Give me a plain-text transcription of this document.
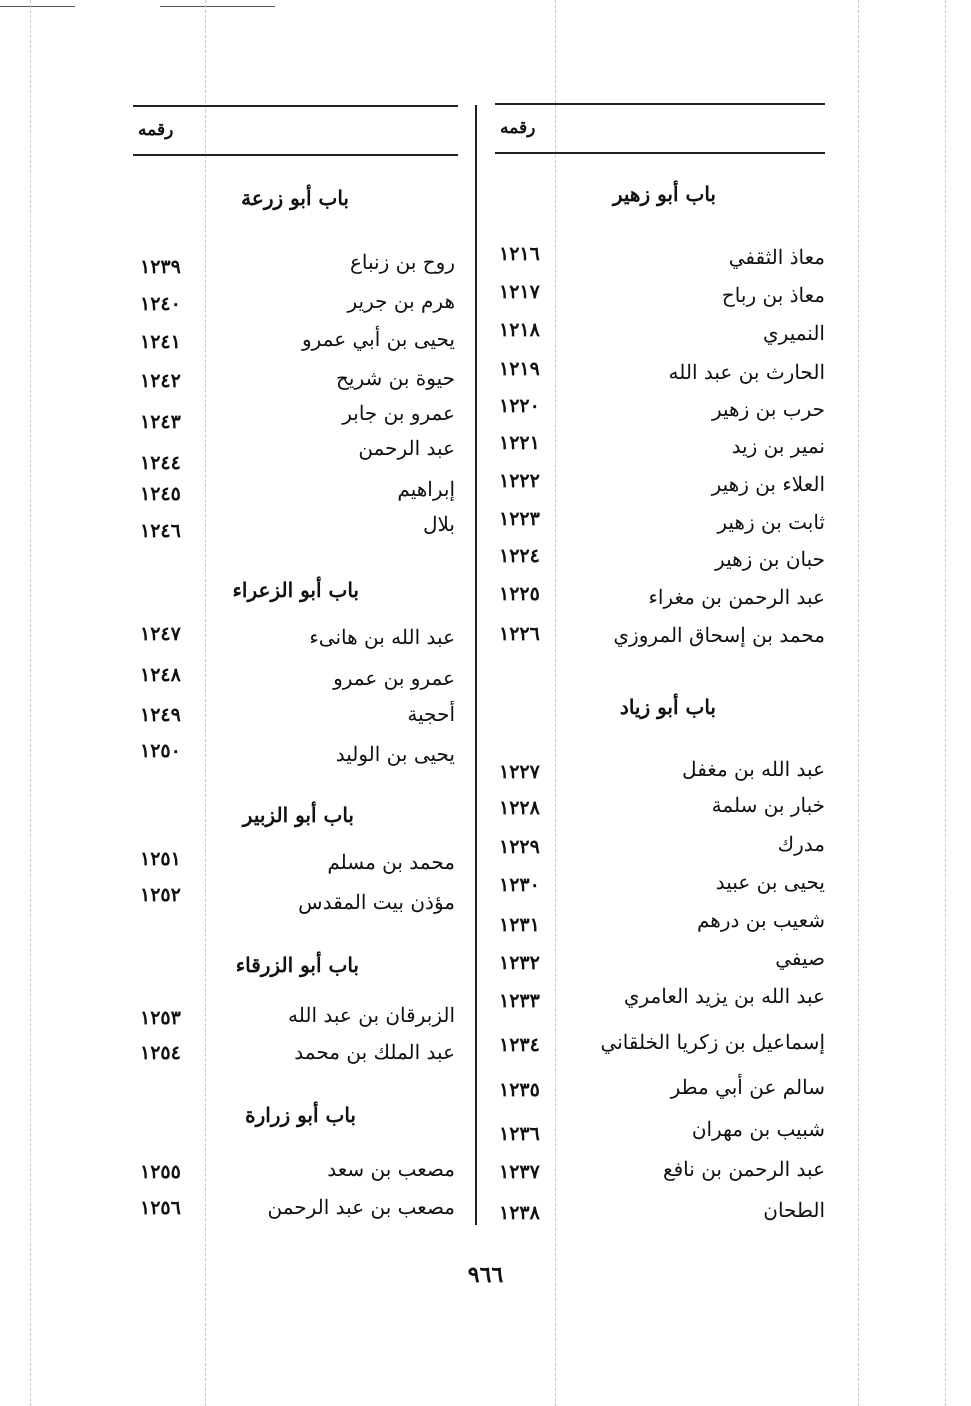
رقمه	رقمه
باب أبو زهير
معاذ الثقفي
١٢١٦
معاذ بن رباح
١٢١٧
النميري
١٢١٨
الحارث بن عبد الله
١٢١٩
حرب بن زهير
١٢٢٠
نمير بن زيد
١٢٢١
العلاء بن زهير
١٢٢٢
ثابت بن زهير
١٢٢٣
حبان بن زهير
١٢٢٤
عبد الرحمن بن مغراء
١٢٢٥
محمد بن إسحاق المروزي
١٢٢٦
باب أبو زياد
عبد الله بن مغفل
١٢٢٧
خبار بن سلمة
١٢٢٨
مدرك
١٢٢٩
يحيى بن عبيد
١٢٣٠
شعيب بن درهم
١٢٣١
صيفي
١٢٣٢
عبد الله بن يزيد العامري
١٢٣٣
إسماعيل بن زكريا الخلقاني
١٢٣٤
سالم عن أبي مطر
١٢٣٥
شبيب بن مهران
١٢٣٦
عبد الرحمن بن نافع
١٢٣٧
الطحان
١٢٣٨
باب أبو زرعة
روح بن زنباع
١٢٣٩
هرم بن جرير
١٢٤٠
يحيى بن أبي عمرو
١٢٤١
حيوة بن شريح
١٢٤٢
عمرو بن جابر
١٢٤٣
عبد الرحمن
١٢٤٤
إبراهيم
١٢٤٥
بلال
١٢٤٦
باب أبو الزعراء
عبد الله بن هانىء
١٢٤٧
عمرو بن عمرو
١٢٤٨
أحجية
١٢٤٩
يحيى بن الوليد
١٢٥٠
باب أبو الزبير
محمد بن مسلم
١٢٥١
مؤذن بيت المقدس
١٢٥٢
باب أبو الزرقاء
الزبرقان بن عبد الله
١٢٥٣
عبد الملك بن محمد
١٢٥٤
باب أبو زرارة
مصعب بن سعد
١٢٥٥
مصعب بن عبد الرحمن
١٢٥٦
٩٦٦
